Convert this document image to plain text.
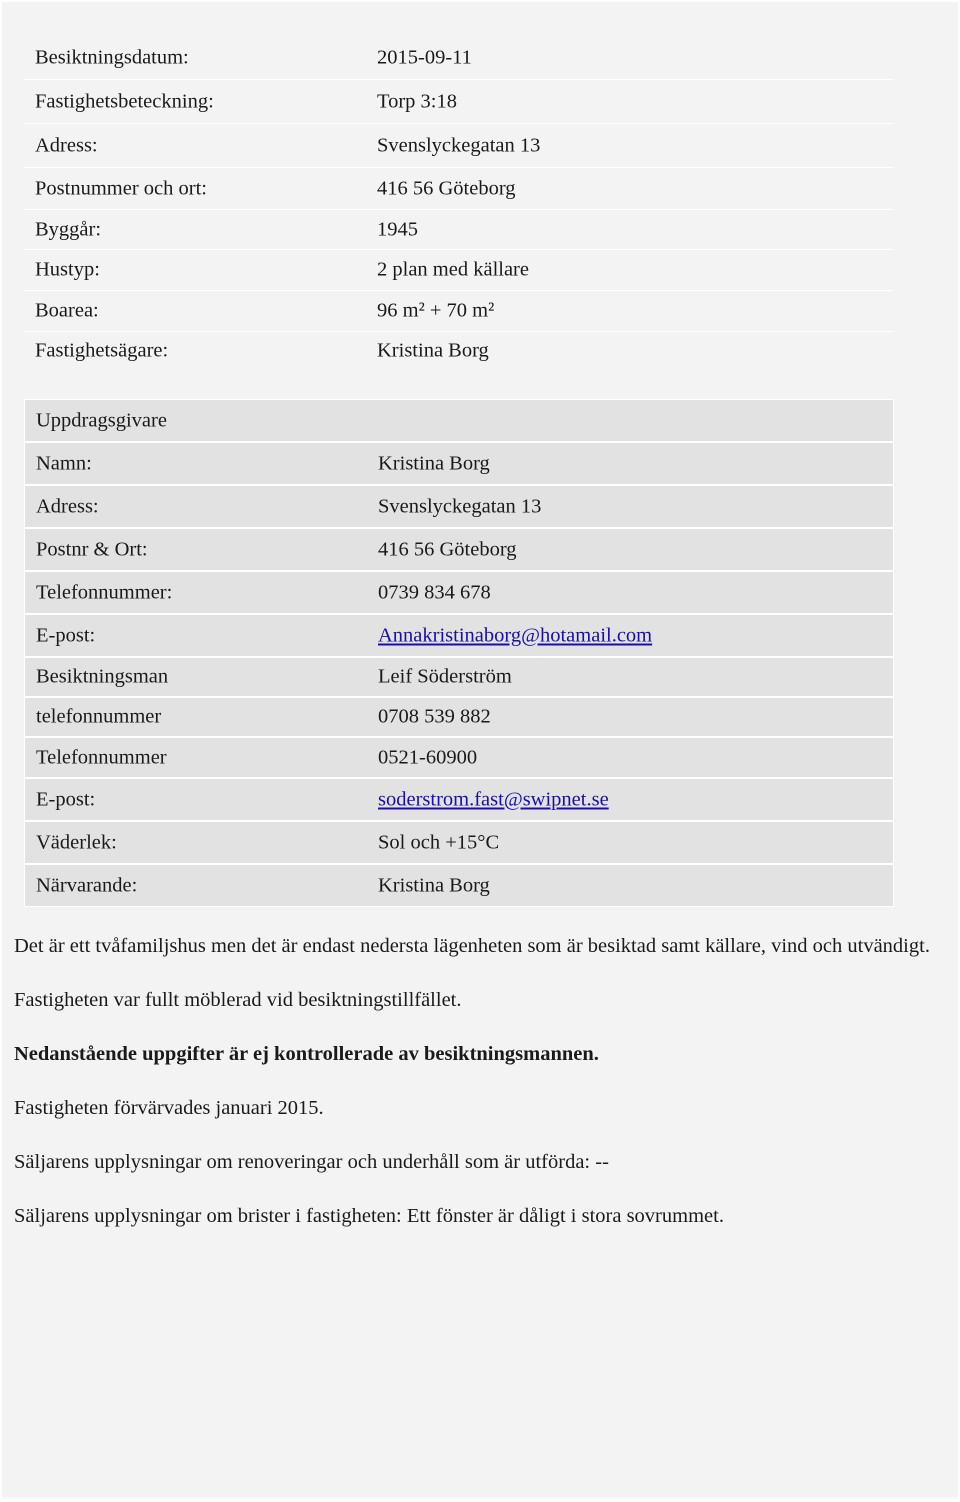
Besiktningsdatum:	2015-09-11
Fastighetsbeteckning:	Torp 3:18
Adress:	Svenslyckegatan 13
Postnummer och ort:	416 56 Göteborg
Byggår:	1945
Hustyp:	2 plan med källare
Boarea:	96 m² + 70 m²
Fastighetsägare:	Kristina Borg
Uppdragsgivare
Namn:	Kristina Borg
Adress:	Svenslyckegatan 13
Postnr & Ort:	416 56 Göteborg
Telefonnummer:	0739 834 678
E-post:	Annakristinaborg@hotamail.com
Besiktningsman	Leif Söderström
telefonnummer	0708 539 882
Telefonnummer	0521-60900
E-post:	soderstrom.fast@swipnet.se
Väderlek:	Sol och +15°C
Närvarande:	Kristina Borg

Det är ett tvåfamiljshus men det är endast nedersta lägenheten som är besiktad samt källare, vind och utvändigt.

Fastigheten var fullt möblerad vid besiktningstillfället.

Nedanstående uppgifter är ej kontrollerade av besiktningsmannen.

Fastigheten förvärvades januari 2015.

Säljarens upplysningar om renoveringar och underhåll som är utförda: --

Säljarens upplysningar om brister i fastigheten: Ett fönster är dåligt i stora sovrummet.
